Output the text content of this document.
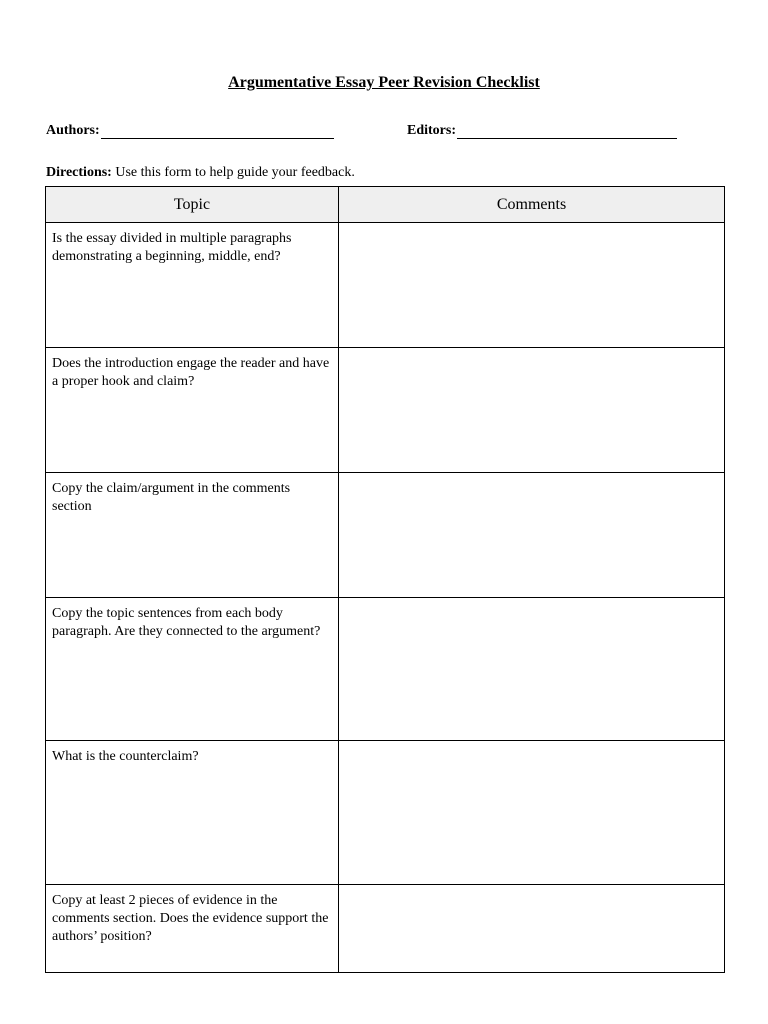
Argumentative Essay Peer Revision Checklist
Authors:	Editors:
Directions: Use this form to help guide your feedback.
Topic	Comments
Is the essay divided in multiple paragraphs demonstrating a beginning, middle, end?	
Does the introduction engage the reader and have a proper hook and claim?	
Copy the claim/argument in the comments section	
Copy the topic sentences from each body paragraph. Are they connected to the argument?	
What is the counterclaim?	
Copy at least 2 pieces of evidence in the comments section. Does the evidence support the authors’ position?	
